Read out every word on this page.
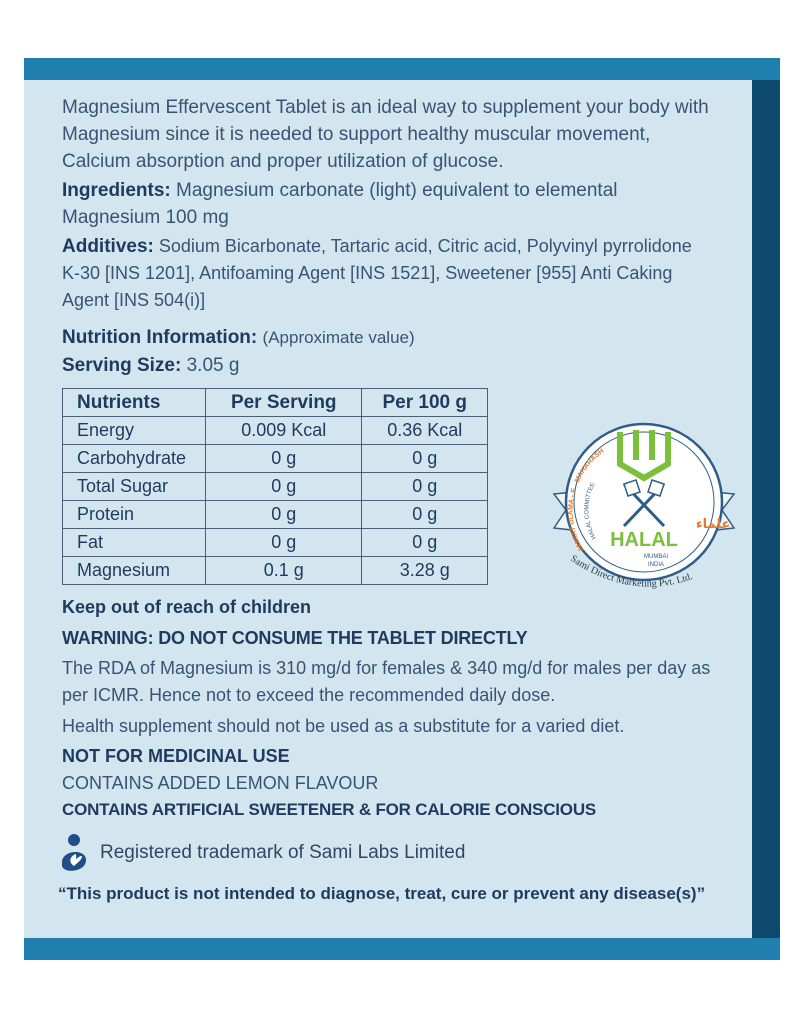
Magnesium Effervescent Tablet is an ideal way to supplement your body with Magnesium since it is needed to support healthy muscular movement, Calcium absorption and proper utilization of glucose.

Ingredients: Magnesium carbonate (light) equivalent to elemental Magnesium 100 mg

Additives: Sodium Bicarbonate, Tartaric acid, Citric acid, Polyvinyl pyrrolidone K-30 [INS 1201], Antifoaming Agent [INS 1521], Sweetener [955] Anti Caking Agent [INS 504(i)]

Nutrition Information: (Approximate value)
Serving Size: 3.05 g

Nutrients	Per Serving	Per 100 g
Energy	0.009 Kcal	0.36 Kcal
Carbohydrate	0 g	0 g
Total Sugar	0 g	0 g
Protein	0 g	0 g
Fat	0 g	0 g
Magnesium	0.1 g	3.28 g

Keep out of reach of children

WARNING: DO NOT CONSUME THE TABLET DIRECTLY

The RDA of Magnesium is 310 mg/d for females & 340 mg/d for males per day as per ICMR. Hence not to exceed the recommended daily dose.

Health supplement should not be used as a substitute for a varied diet.

NOT FOR MEDICINAL USE

CONTAINS ADDED LEMON FLAVOUR

CONTAINS ARTIFICIAL SWEETENER & FOR CALORIE CONSCIOUS

Registered trademark of Sami Labs Limited

“This product is not intended to diagnose, treat, cure or prevent any disease(s)”

HALAL
MUMBAI
INDIA
JAMIAT ULAMA - E - MAHARASH
HALAL COMMITTEE
علماء
Sami Direct Marketing Pvt. Ltd.
